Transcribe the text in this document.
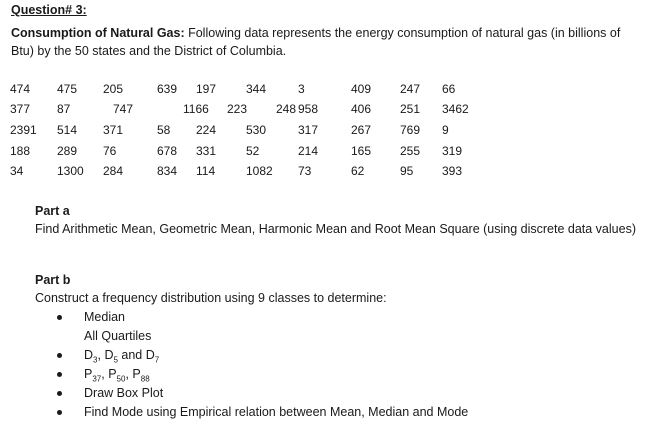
Question# 3:
Consumption of Natural Gas: Following data represents the energy consumption of natural gas (in billions of Btu) by the 50 states and the District of Columbia.
474 475 205	639 197 344	3	409 247 66
377 87	747	1166 223 248 958	406 251 3462
2391 514 371	58 224 530	317	267 769 9
188 289 76	678 331 52	214	165 255 319
34	1300 284	834 114	1082 73	62	95 393
Part a
Find Arithmetic Mean, Geometric Mean, Harmonic Mean and Root Mean Square (using discrete data values)
Part b
Construct a frequency distribution using 9 classes to determine:
Median
All Quartiles
$D_3$, $D_5$ and $D_7$
$P_{37}$, $P_{50}$, $P_{88}$
Draw Box Plot
Find Mode using Empirical relation between Mean, Median and Mode
